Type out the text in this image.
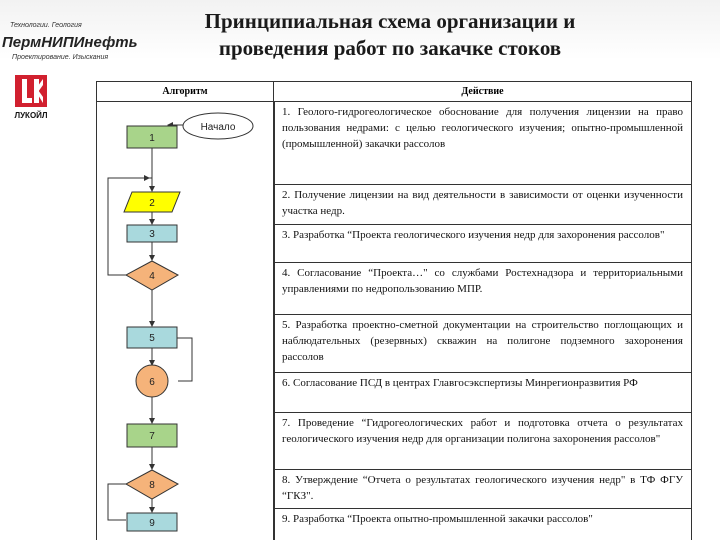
Технологии. Геология
ПермНИПИнефть
Проектирование. Изыскания
ЛУКОЙЛ
Принципиальная схема организации и
проведения работ по закачке стоков
Алгоритм	Действие
1. Геолого-гидрогеологическое обоснование для получения лицензии на право пользования недрами: с целью геологического изучения; опытно-промышленной (промышленной) закачки рассолов
2. Получение лицензии на вид деятельности в зависимости от оценки изученности участка недр.
3. Разработка “Проекта геологического изучения недр для захоронения рассолов"
4. Согласование “Проекта…" со службами Ростехнадзора и территориальными управлениями по недропользованию МПР.
5. Разработка проектно-сметной документации на строительство поглощающих и наблюдательных (резервных) скважин на полигоне подземного захоронения рассолов
6. Согласование ПСД в центрах Главгосэкспертизы Минрегионразвития РФ
7. Проведение “Гидрогеологических работ и подготовка отчета о результатах геологического изучения недр для организации полигона захоронения рассолов"
8. Утверждение “Отчета о результатах геологического изучения недр" в ТФ ФГУ “ГКЗ".
9. Разработка “Проекта опытно-промышленной закачки рассолов"
Начало
1
2
3
4
5
6
7
8
9
